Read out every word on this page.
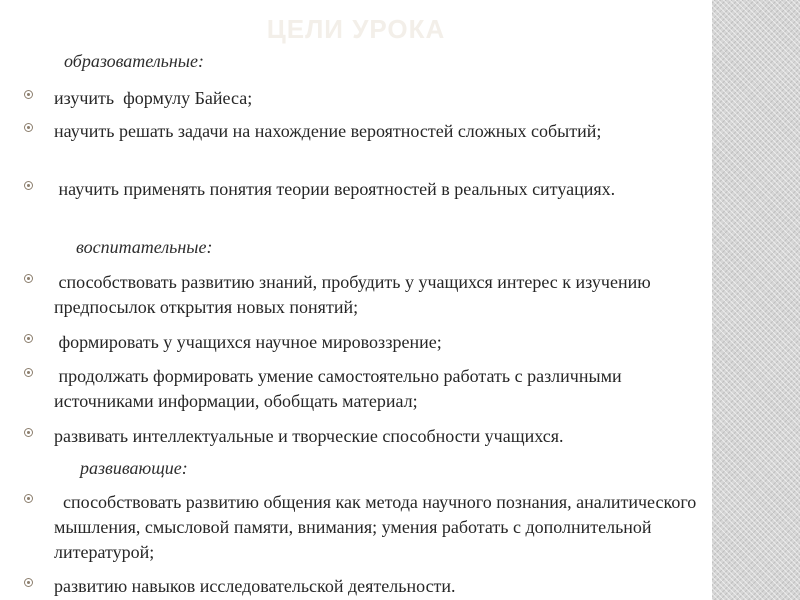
ЦЕЛИ УРОКА
образовательные:
изучить  формулу Байеса;
научить решать задачи на нахождение вероятностей сложных событий;
научить применять понятия теории вероятностей в реальных ситуациях.
воспитательные:
способствовать развитию знаний, пробудить у учащихся интерес к изучению предпосылок открытия новых понятий;
формировать у учащихся научное мировоззрение;
продолжать формировать умение самостоятельно работать с различными источниками информации, обобщать материал;
развивать интеллектуальные и творческие способности учащихся.
развивающие:
способствовать развитию общения как метода научного познания, аналитического мышления, смысловой памяти, внимания; умения работать с дополнительной литературой;
развитию навыков исследовательской деятельности.
